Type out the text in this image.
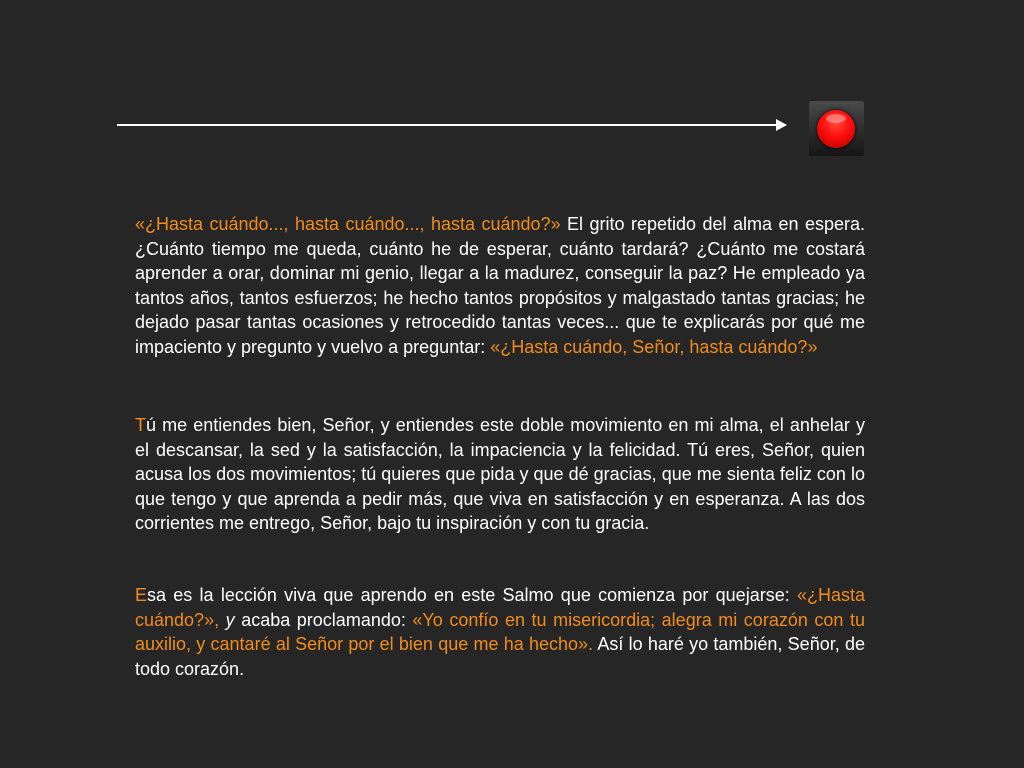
«¿Hasta cuándo..., hasta cuándo..., hasta cuándo?» El grito repetido del alma en espera. ¿Cuánto tiempo me queda, cuánto he de esperar, cuánto tardará? ¿Cuánto me costará aprender a orar, dominar mi genio, llegar a la madurez, conseguir la paz? He empleado ya tantos años, tantos esfuerzos; he hecho tantos propósitos y malgastado tantas gracias; he dejado pasar tantas ocasiones y retrocedido tantas veces... que te explicarás por qué me impaciento y pregunto y vuelvo a preguntar: «¿Hasta cuándo, Señor, hasta cuándo?»
Tú me entiendes bien, Señor, y entiendes este doble movimiento en mi alma, el anhelar y el descansar, la sed y la satisfacción, la impaciencia y la felicidad. Tú eres, Señor, quien acusa los dos movimientos; tú quieres que pida y que dé gracias, que me sienta feliz con lo que tengo y que aprenda a pedir más, que viva en satisfacción y en esperanza. A las dos corrientes me entrego, Señor, bajo tu inspiración y con tu gracia.
Esa es la lección viva que aprendo en este Salmo que comienza por quejarse: «¿Hasta cuándo?», y acaba proclamando: «Yo confío en tu misericordia; alegra mi corazón con tu auxilio, y cantaré al Señor por el bien que me ha hecho». Así lo haré yo también, Señor, de todo corazón.
